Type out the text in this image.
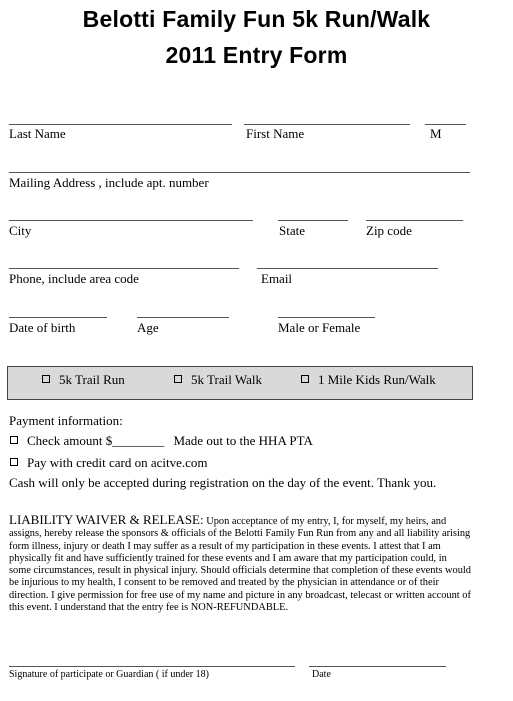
Belotti Family Fun 5k Run/Walk
2011 Entry Form
Last Name	First Name	M
Mailing Address , include apt. number
City	State	Zip code
Phone, include area code	Email
Date of birth	Age	Male or Female
5k Trail Run	5k Trail Walk	1 Mile Kids Run/Walk
Payment information:
Check amount $________ Made out to the HHA PTA
Pay with credit card on acitve.com
Cash will only be accepted during registration on the day of the event. Thank you.
LIABILITY WAIVER & RELEASE: Upon acceptance of my entry, I, for myself, my heirs, and assigns, hereby release the sponsors & officials of the Belotti Family Fun Run from any and all liability arising form illness, injury or death I may suffer as a result of my participation in these events. I attest that I am physically fit and have sufficiently trained for these events and I am aware that my participation could, in some circumstances, result in physical injury. Should officials determine that completion of these events would be injurious to my health, I consent to be removed and treated by the physician in attendance or of their direction. I give permission for free use of my name and picture in any broadcast, telecast or written account of this event. I understand that the entry fee is NON-REFUNDABLE.
Signature of participate or Guardian ( if under 18)	Date
